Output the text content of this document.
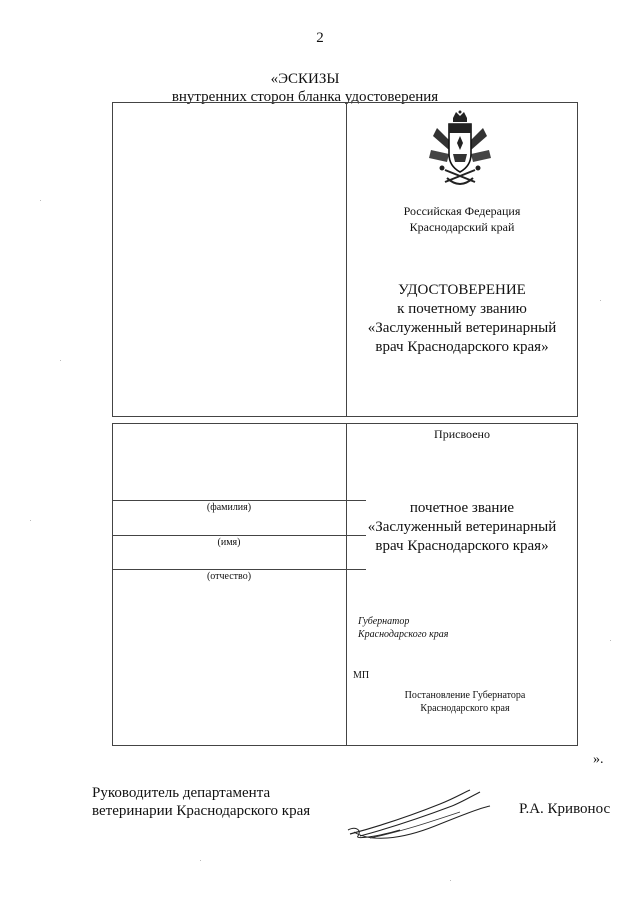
2
«ЭСКИЗЫ
внутренних сторон бланка удостоверения
Российская Федерация
Краснодарский край
УДОСТОВЕРЕНИЕ
к почетному званию
«Заслуженный ветеринарный
врач Краснодарского края»
(фамилия)
(имя)
(отчество)
Присвоено
почетное звание
«Заслуженный ветеринарный
врач Краснодарского края»
Губернатор
Краснодарского края
МП
Постановление Губернатора
Краснодарского края
».
Руководитель департамента
ветеринарии Краснодарского края	Р.А. Кривонос
